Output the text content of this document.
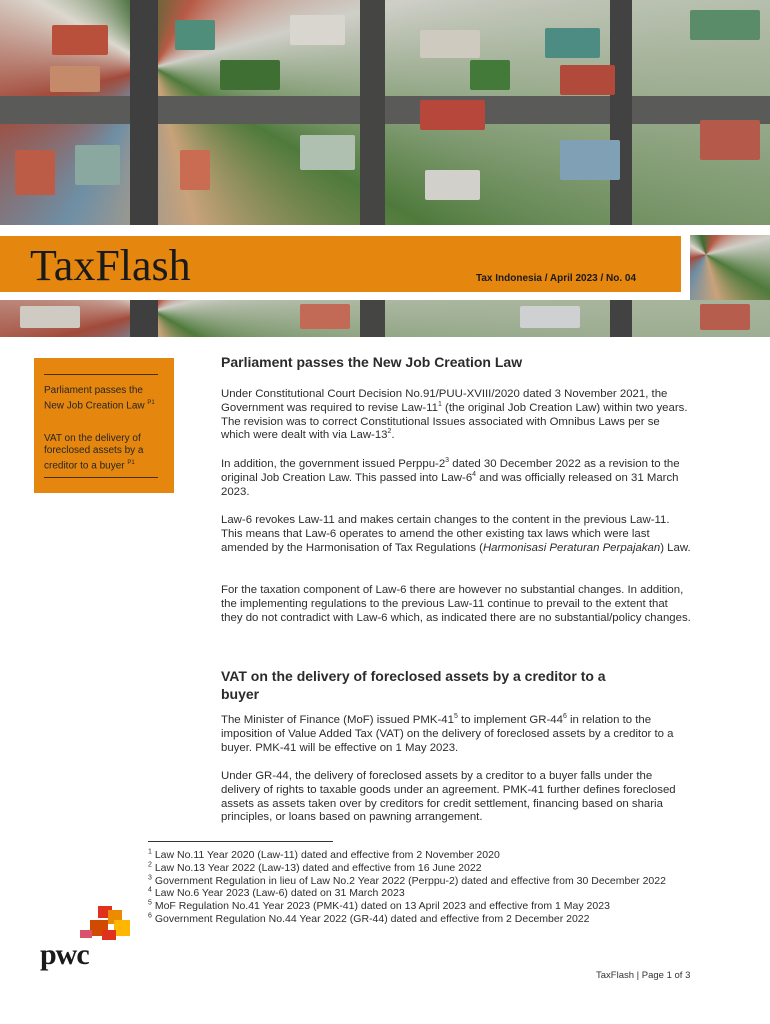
TaxFlash	Tax Indonesia / April 2023 / No. 04
Parliament passes the New Job Creation Law $^{P1}$
VAT on the delivery of foreclosed assets by a creditor to a buyer $^{P1}$
Parliament passes the New Job Creation Law
Under Constitutional Court Decision No.91/PUU-XVIII/2020 dated 3 November 2021, the Government was required to revise Law-$11^1$ (the original Job Creation Law) within two years. The revision was to correct Constitutional Issues associated with Omnibus Laws per se which were dealt with via Law-$13^2$.
In addition, the government issued Perppu-$2^3$ dated 30 December 2022 as a revision to the original Job Creation Law. This passed into Law-$6^4$ and was officially released on 31 March 2023.
Law-6 revokes Law-11 and makes certain changes to the content in the previous Law-11. This means that Law-6 operates to amend the other existing tax laws which were last amended by the Harmonisation of Tax Regulations (Harmonisasi Peraturan Perpajakan) Law.
For the taxation component of Law-6 there are however no substantial changes. In addition, the implementing regulations to the previous Law-11 continue to prevail to the extent that they do not contradict with Law-6 which, as indicated there are no substantial/policy changes.
VAT on the delivery of foreclosed assets by a creditor to a
buyer
The Minister of Finance (MoF) issued PMK-$41^5$ to implement $GR-44^6$ in relation to the imposition of Value Added Tax (VAT) on the delivery of foreclosed assets by a creditor to a buyer. PMK-41 will be effective on 1 May 2023.
Under GR-44, the delivery of foreclosed assets by a creditor to a buyer falls under the delivery of rights to taxable goods under an agreement. PMK-41 further defines foreclosed assets as assets taken over by creditors for credit settlement, financing based on sharia principles, or loans based on pawning arrangement.

$^1$ Law No.11 Year 2020 (Law-11) dated and effective from 2 November 2020

$^2$ Law No.13 Year 2022 (Law-13) dated and effective from 16 June 2022

$^3$ Government Regulation in lieu of Law No.2 Year 2022 (Perppu-2) dated and effective from 30 December 2022

$^4$ Law No.6 Year 2023 (Law-6) dated on 31 March 2023

$^5$ MoF Regulation No.41 Year 2023 (PMK-41) dated on 13 April 2023 and effective from 1 May 2023

$^6$ Government Regulation No.44 Year 2022 (GR-44) dated and effective from 2 December 2022

pwc
TaxFlash | Page 1 of 3
